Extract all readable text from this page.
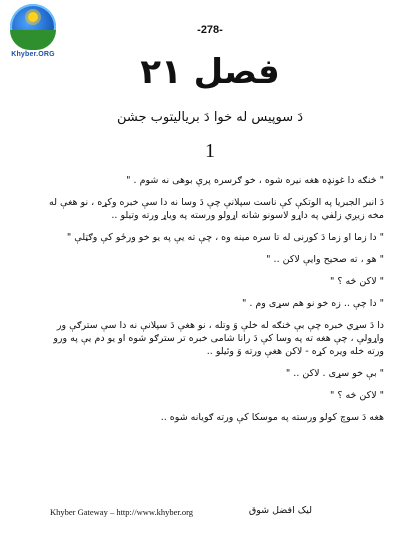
Khyber.ORG
-278-
فصل ۲۱
دَ سوپیس له خوا دَ بریالیتوب جشن
1

" څنګه دا غونډه هغه نیره شوه ، خو ګرسره پرې بوهی نه شوم . "

دَ انبر الجبریا په الوتکې کې ناست سپلانې چې دَ وسا نه دا سې خبره وکړه ، نو هغې له مخه زیږي زلفي په داړو لاسونو شانه اړولو ورسته په ویاړ ورته وتیلو ..

" دا زما او زما دَ کورنی له تا سره مینه وه ، چې ته یې په یو خو ورځو کې وګټلې "

" هو ، ته صحیح وایې لاکن .. "

" لاکن څه ؟ "

" دا چې .. زه خو نو هم سړی وم . "

دا دَ سړي خبره چې بې څنګه له خلې وَ وتله ، نو هغې دَ سپلانې نه دا سې سترګې ور واړولې ، چې هغه ته په وسا کې دَ رانا شامی خبره تر سترګو شوه او یو دم یې په ورو ورته خله ویره کړه - لاکن هغې ورته وَ وئیلو ..

" بې خو سړی . لاکن .. "

" لاکن څه ؟ "

هغه دَ سوچ کولو ورسته په موسکا کې ورته ګویانه شوه ..

Khyber Gateway – http://www.khyber.org	لیک افضل شوق
